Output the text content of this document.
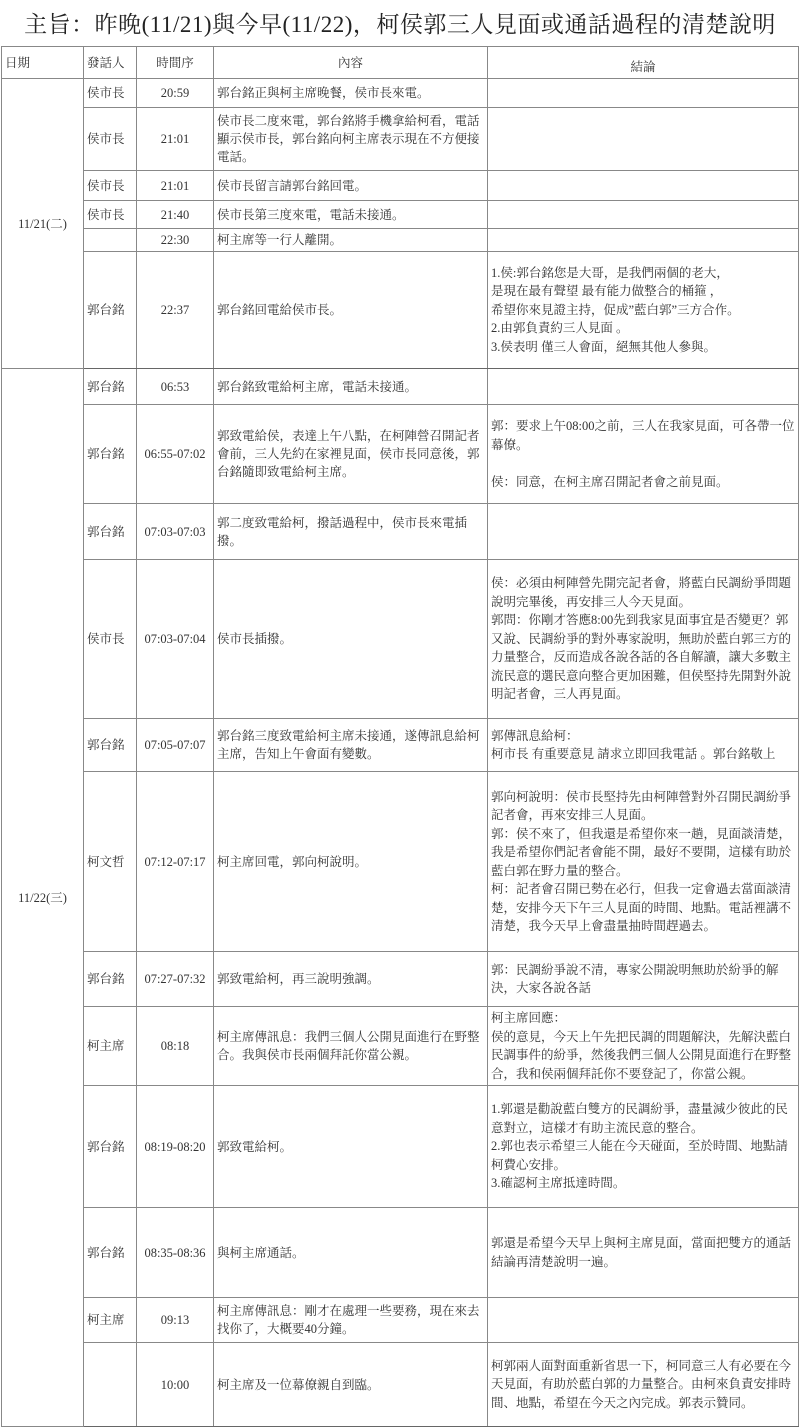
主旨：昨晚(11/21)與今早(11/22)，柯侯郭三人見面或通話過程的清楚說明
日期	發話人	時間序	內容	結論
11/21(二)	侯市長	20:59	郭台銘正與柯主席晚餐，侯市長來電。	
	侯市長	21:01	侯市長二度來電，郭台銘將手機拿給柯看，電話顯示侯市長，郭台銘向柯主席表示現在不方便接電話。	
	侯市長	21:01	侯市長留言請郭台銘回電。	
	侯市長	21:40	侯市長第三度來電，電話未接通。	
		22:30	柯主席等一行人離開。	
	郭台銘	22:37	郭台銘回電給侯市長。	1.侯:郭台銘您是大哥，是我們兩個的老大，
是現在最有聲望 最有能力做整合的桶箍 ，
希望你來見證主持，促成”藍白郭”三方合作。
2.由郭負責約三人見面 。
3.侯表明 僅三人會面，絕無其他人參與。
11/22(三)	郭台銘	06:53	郭台銘致電給柯主席，電話未接通。	
	郭台銘	06:55-07:02	郭致電給侯，表達上午八點，在柯陣營召開記者會前，三人先約在家裡見面，侯市長同意後，郭台銘隨即致電給柯主席。	郭：要求上午08:00之前，三人在我家見面，可各帶一位幕僚。

侯：同意，在柯主席召開記者會之前見面。
	郭台銘	07:03-07:03	郭二度致電給柯，撥話過程中，侯市長來電插撥。	
	侯市長	07:03-07:04	侯市長插撥。	侯：必須由柯陣營先開完記者會，將藍白民調紛爭問題說明完畢後，再安排三人今天見面。
郭問：你剛才答應8:00先到我家見面事宜是否變更？郭又說、民調紛爭的對外專家說明，無助於藍白郭三方的力量整合，反而造成各說各話的各自解讀，讓大多數主流民意的選民意向整合更加困難，但侯堅持先開對外說明記者會，三人再見面。
	郭台銘	07:05-07:07	郭台銘三度致電給柯主席未接通，遂傳訊息給柯主席，告知上午會面有變數。	郭傳訊息給柯：
柯市長 有重要意見 請求立即回我電話 。郭台銘敬上
	柯文哲	07:12-07:17	柯主席回電，郭向柯說明。	郭向柯說明：侯市長堅持先由柯陣營對外召開民調紛爭記者會，再來安排三人見面。
郭：侯不來了，但我還是希望你來一趟，見面談清楚，我是希望你們記者會能不開，最好不要開，這樣有助於藍白郭在野力量的整合。
柯：記者會召開已勢在必行，但我一定會過去當面談清楚，安排今天下午三人見面的時間、地點。電話裡講不清楚，我今天早上會盡量抽時間趕過去。
	郭台銘	07:27-07:32	郭致電給柯，再三說明強調。	郭：民調紛爭說不清，專家公開說明無助於紛爭的解決，大家各說各話
	柯主席	08:18	柯主席傳訊息：我們三個人公開見面進行在野整合。我與侯市長兩個拜託你當公親。	柯主席回應：
侯的意見，今天上午先把民調的問題解決，先解決藍白民調事件的紛爭，然後我們三個人公開見面進行在野整合，我和侯兩個拜託你不要登記了，你當公親。
	郭台銘	08:19-08:20	郭致電給柯。	1.郭還是勸說藍白雙方的民調紛爭，盡量減少彼此的民意對立，這樣才有助主流民意的整合。
2.郭也表示希望三人能在今天碰面，至於時間、地點請柯費心安排。
3.確認柯主席抵達時間。
	郭台銘	08:35-08:36	與柯主席通話。	郭還是希望今天早上與柯主席見面，當面把雙方的通話結論再清楚說明一遍。
	柯主席	09:13	柯主席傳訊息：剛才在處理一些要務，現在來去找你了，大概要40分鐘。	
		10:00	柯主席及一位幕僚親自到臨。	柯郭兩人面對面重新省思一下，柯同意三人有必要在今天見面，有助於藍白郭的力量整合。由柯來負責安排時間、地點，希望在今天之內完成。郭表示贊同。
